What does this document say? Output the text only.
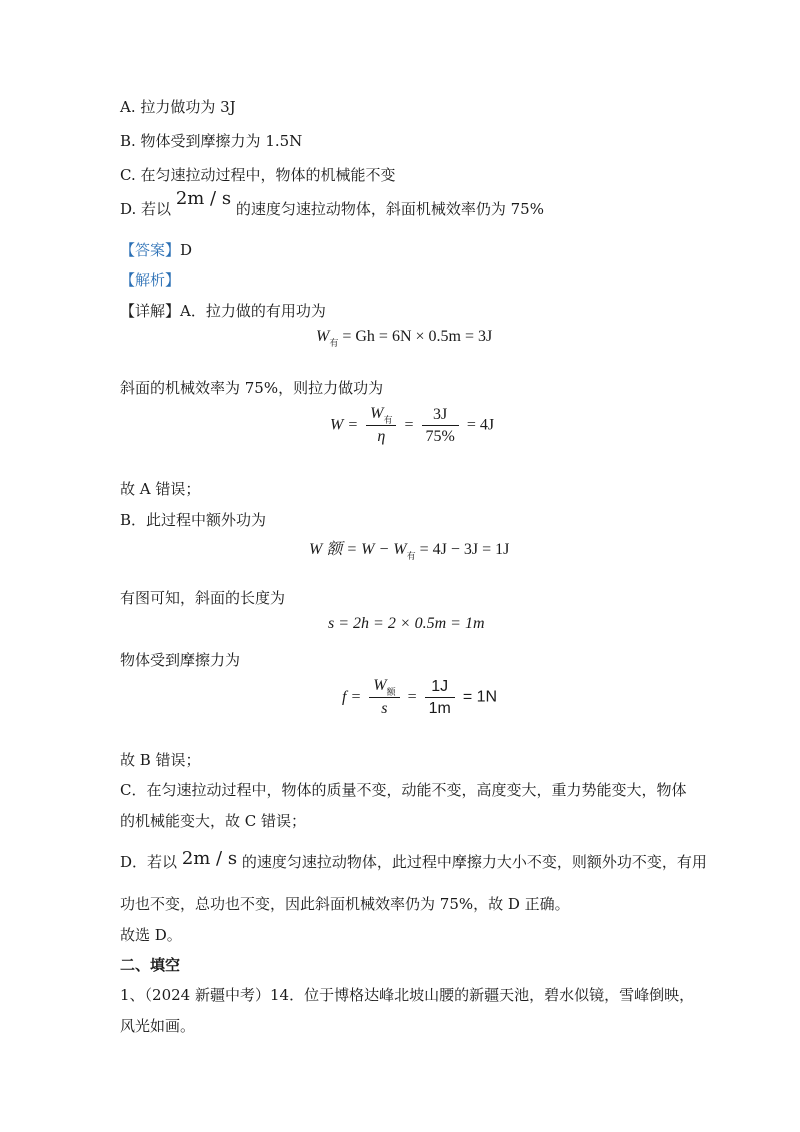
A. 拉力做功为 3J
B. 物体受到摩擦力为 1.5N
C. 在匀速拉动过程中，物体的机械能不变
D. 若以 2m / s 的速度匀速拉动物体，斜面机械效率仍为 75%
【答案】D
【解析】
【详解】A．拉力做的有用功为
$W_有 = Gh = 6N \times 0.5m = 3J$
斜面的机械效率为 75%，则拉力做功为
$W = \frac{W_有}{\eta} = \frac{3J}{75\%} = 4J$
故 A 错误；
B．此过程中额外功为
W 额 = $W - W_有 = 4J - 3J = 1J$
有图可知，斜面的长度为
s = 2h = 2 × 0.5m = 1m
物体受到摩擦力为
$f = \frac{W_额}{s} = \frac{1J}{1m} = 1N$
故 B 错误；
C．在匀速拉动过程中，物体的质量不变，动能不变，高度变大，重力势能变大，物体
的机械能变大，故 C 错误；
D．若以 2m / s 的速度匀速拉动物体，此过程中摩擦力大小不变，则额外功不变，有用
功也不变，总功也不变，因此斜面机械效率仍为 75%，故 D 正确。
故选 D。
二、填空
1、（2024 新疆中考）14．位于博格达峰北坡山腰的新疆天池，碧水似镜，雪峰倒映，
风光如画。
